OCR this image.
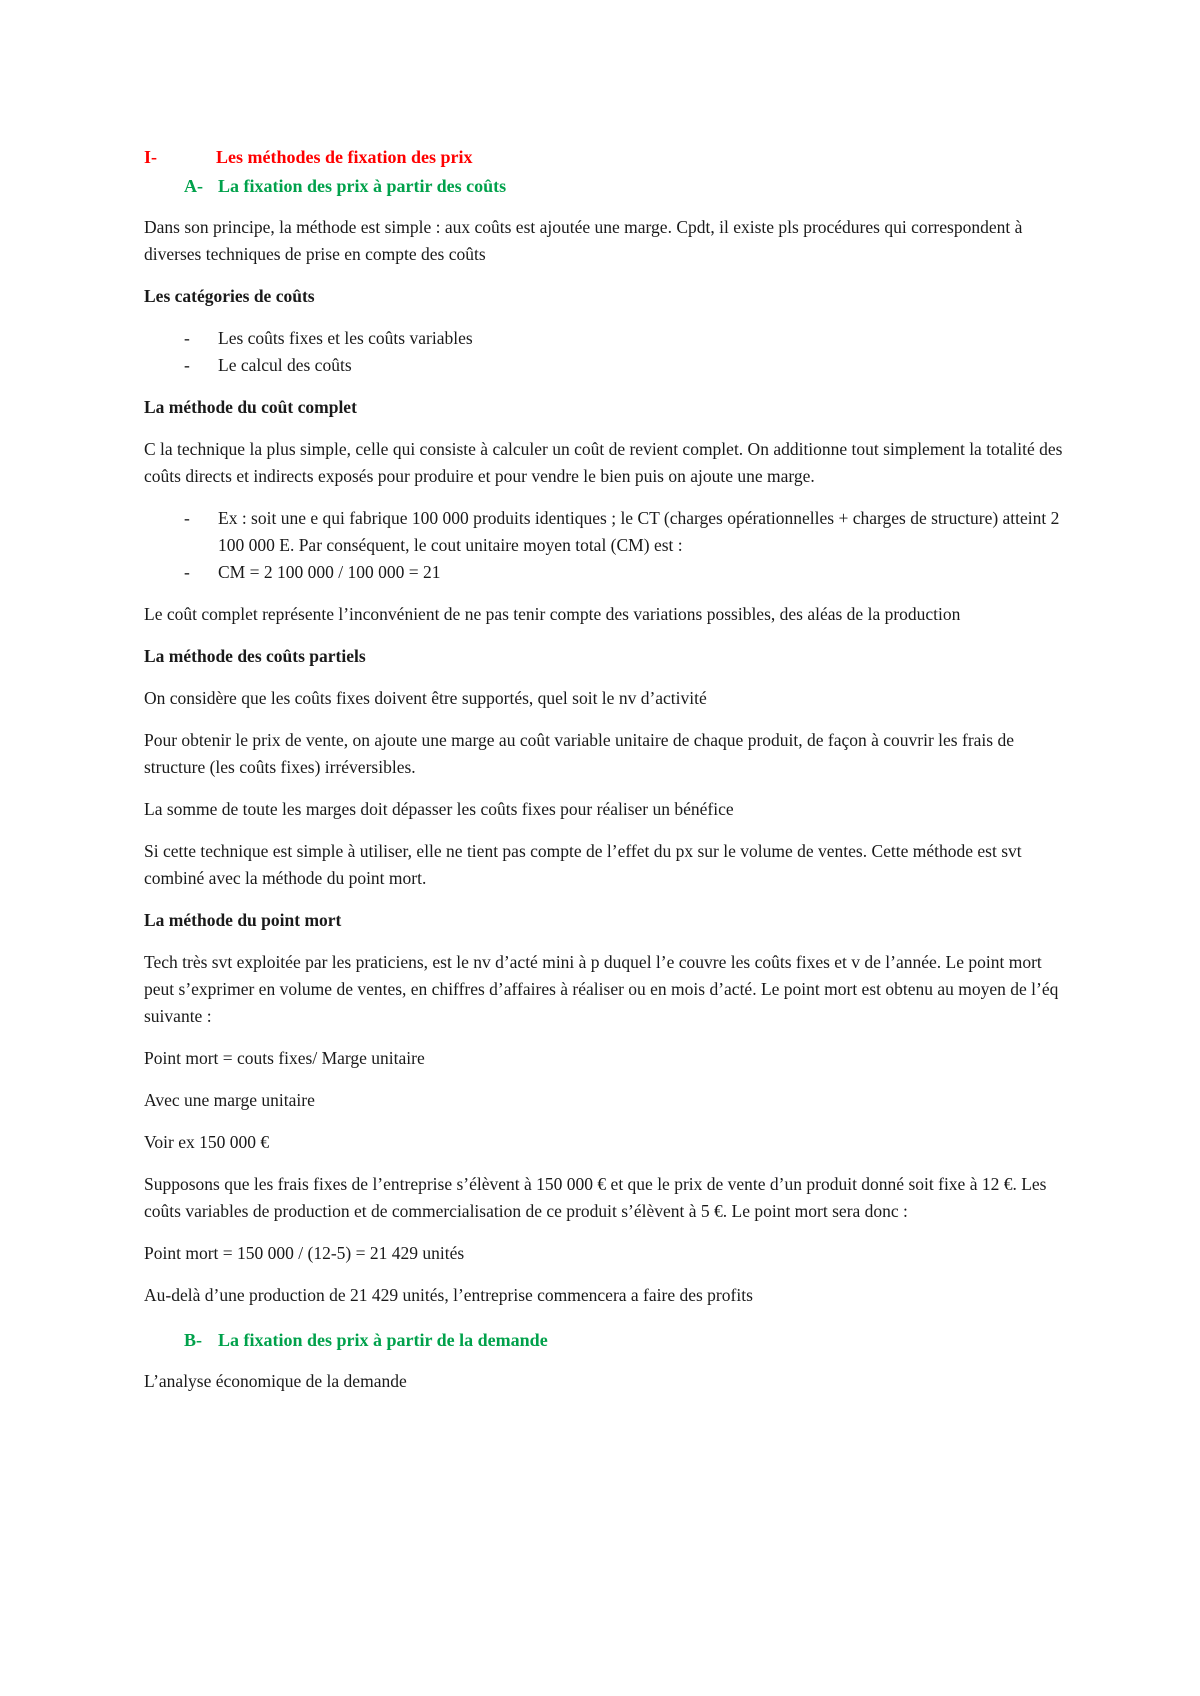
I-	Les méthodes de fixation des prix
A- La fixation des prix à partir des coûts

Dans son principe, la méthode est simple : aux coûts est ajoutée une marge. Cpdt, il existe pls procédures qui correspondent à diverses techniques de prise en compte des coûts

Les catégories de coûts
- Les coûts fixes et les coûts variables
- Le calcul des coûts
La méthode du coût complet

C la technique la plus simple, celle qui consiste à calculer un coût de revient complet. On additionne tout simplement la totalité des coûts directs et indirects exposés pour produire et pour vendre le bien puis on ajoute une marge.

- Ex : soit une e qui fabrique 100 000 produits identiques ; le CT (charges opérationnelles + charges de structure) atteint 2 100 000 E. Par conséquent, le cout unitaire moyen total (CM) est :
- CM = 2 100 000 / 100 000 = 21

Le coût complet représente l’inconvénient de ne pas tenir compte des variations possibles, des aléas de la production

La méthode des coûts partiels

On considère que les coûts fixes doivent être supportés, quel soit le nv d’activité

Pour obtenir le prix de vente, on ajoute une marge au coût variable unitaire de chaque produit, de façon à couvrir les frais de structure (les coûts fixes) irréversibles.

La somme de toute les marges doit dépasser les coûts fixes pour réaliser un bénéfice

Si cette technique est simple à utiliser, elle ne tient pas compte de l’effet du px sur le volume de ventes. Cette méthode est svt combiné avec la méthode du point mort.

La méthode du point mort

Tech très svt exploitée par les praticiens, est le nv d’acté mini à p duquel l’e couvre les coûts fixes et v de l’année. Le point mort peut s’exprimer en volume de ventes, en chiffres d’affaires à réaliser ou en mois d’acté. Le point mort est obtenu au moyen de l’éq suivante :

Point mort = couts fixes/ Marge unitaire

Avec une marge unitaire

Voir ex 150 000 €

Supposons que les frais fixes de l’entreprise s’élèvent à 150 000 € et que le prix de vente d’un produit donné soit fixe à 12 €. Les coûts variables de production et de commercialisation de ce produit s’élèvent à 5 €. Le point mort sera donc :

Point mort = 150 000 / (12-5) = 21 429 unités

Au-delà d’une production de 21 429 unités, l’entreprise commencera a faire des profits

B- La fixation des prix à partir de la demande

L’analyse économique de la demande
